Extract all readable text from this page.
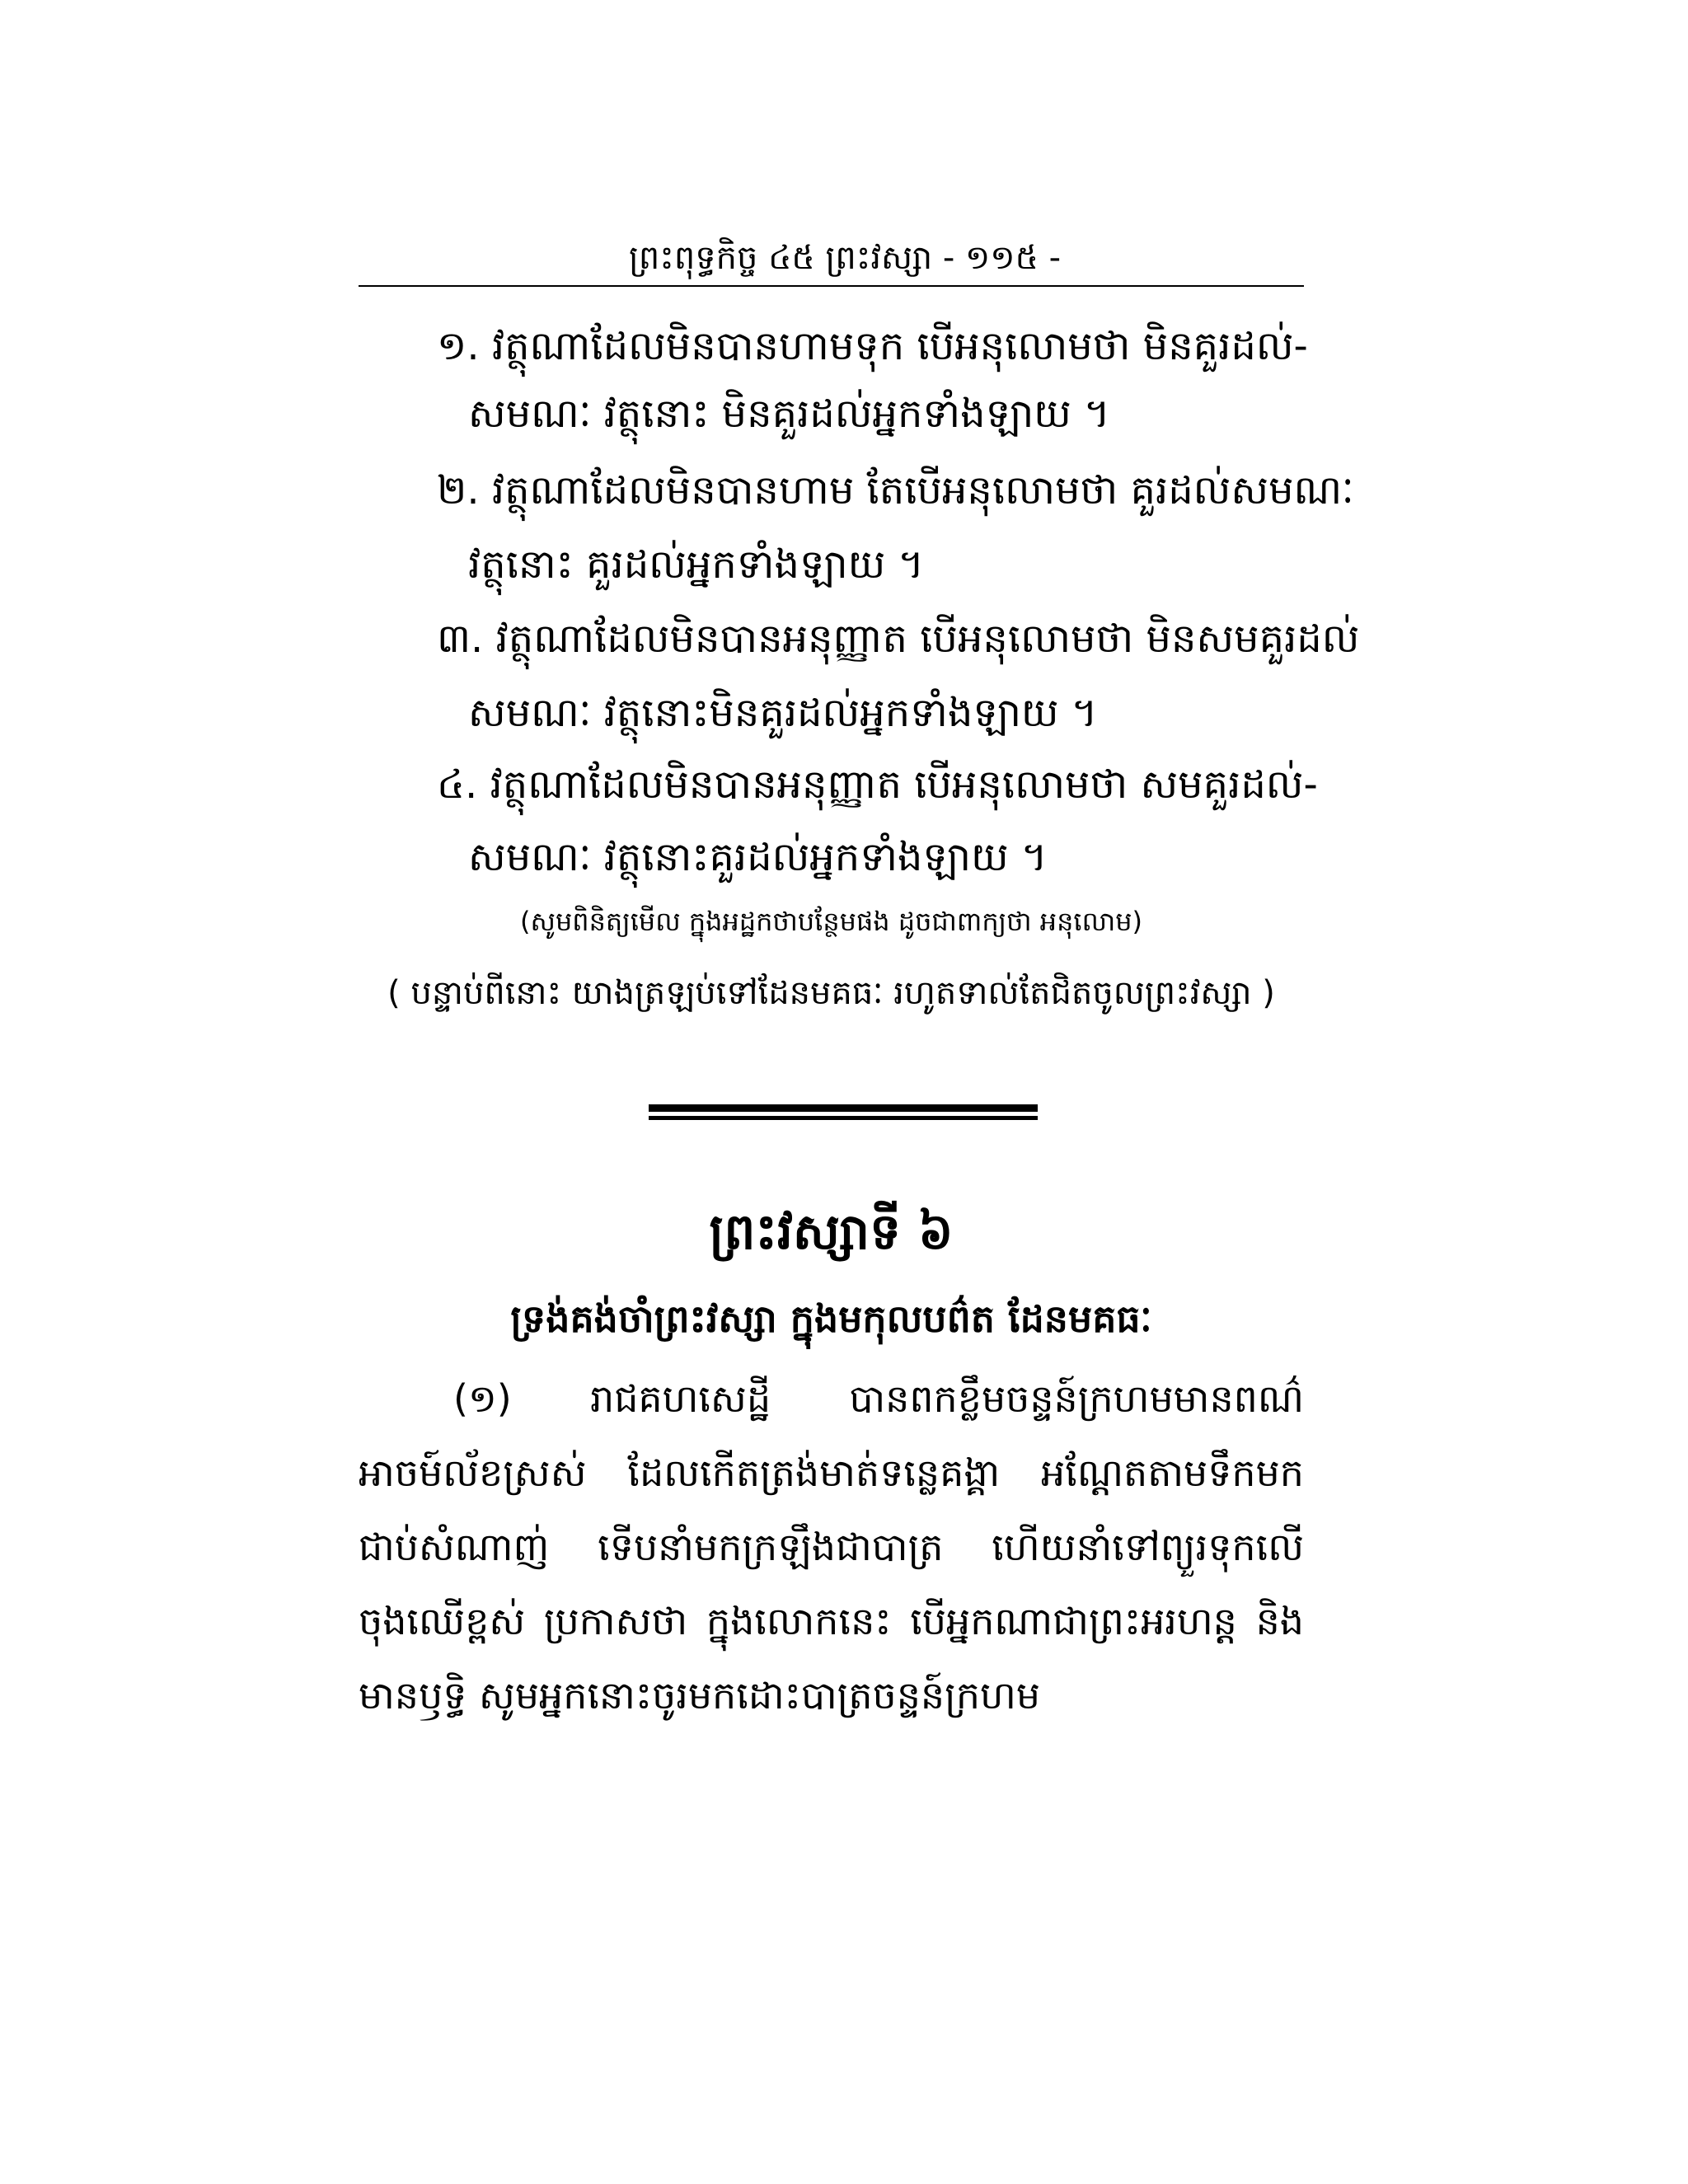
ព្រះពុទ្ធកិច្ច ៤៥ ព្រះវស្សា - ១១៥ -
១. វត្ថុណាដែលមិនបានហាមទុក បើអនុលោមថា មិនគួរដល់-
សមណៈ វត្ថុនោះ មិនគួរដល់អ្នកទាំងឡាយ ។
២. វត្ថុណាដែលមិនបានហាម តែបើអនុលោមថា គួរដល់សមណៈ
វត្ថុនោះ គួរដល់អ្នកទាំងឡាយ ។
៣. វត្ថុណាដែលមិនបានអនុញ្ញាត បើអនុលោមថា មិនសមគួរដល់
សមណៈ វត្ថុនោះមិនគួរដល់អ្នកទាំងឡាយ ។
៤. វត្ថុណាដែលមិនបានអនុញ្ញាត បើអនុលោមថា សមគួរដល់-
សមណៈ វត្ថុនោះគួរដល់អ្នកទាំងឡាយ ។
(សូមពិនិត្យមើល ក្នុងអដ្ឋកថាបន្ថែមផង ដូចជាពាក្យថា អនុលោម)
( បន្ទាប់ពីនោះ យាងត្រឡប់ទៅដែនមគធៈ រហូតទាល់តែជិតចូលព្រះវស្សា )
ព្រះវស្សាទី ៦
ទ្រង់គង់ចាំព្រះវស្សា ក្នុងមកុលបព៌ត ដែនមគធៈ
(១) រាជគហសេដ្ឋី បានពកខ្លឹមចន្ទន៍ក្រហមមានពណ៌អាចម៍ល័ខស្រស់ ដែលកើតត្រង់មាត់ទន្លេគង្គា អណ្តែតតាមទឹកមកជាប់សំណាញ់ ទើបនាំមកក្រឡឹងជាបាត្រ ហើយនាំទៅព្យួរទុកលើចុងឈើខ្ពស់ ប្រកាសថា ក្នុងលោកនេះ បើអ្នកណាជាព្រះអរហន្ត និងមានឫទ្ធិ សូមអ្នកនោះចូរមកដោះបាត្រចន្ទន៍ក្រហម
